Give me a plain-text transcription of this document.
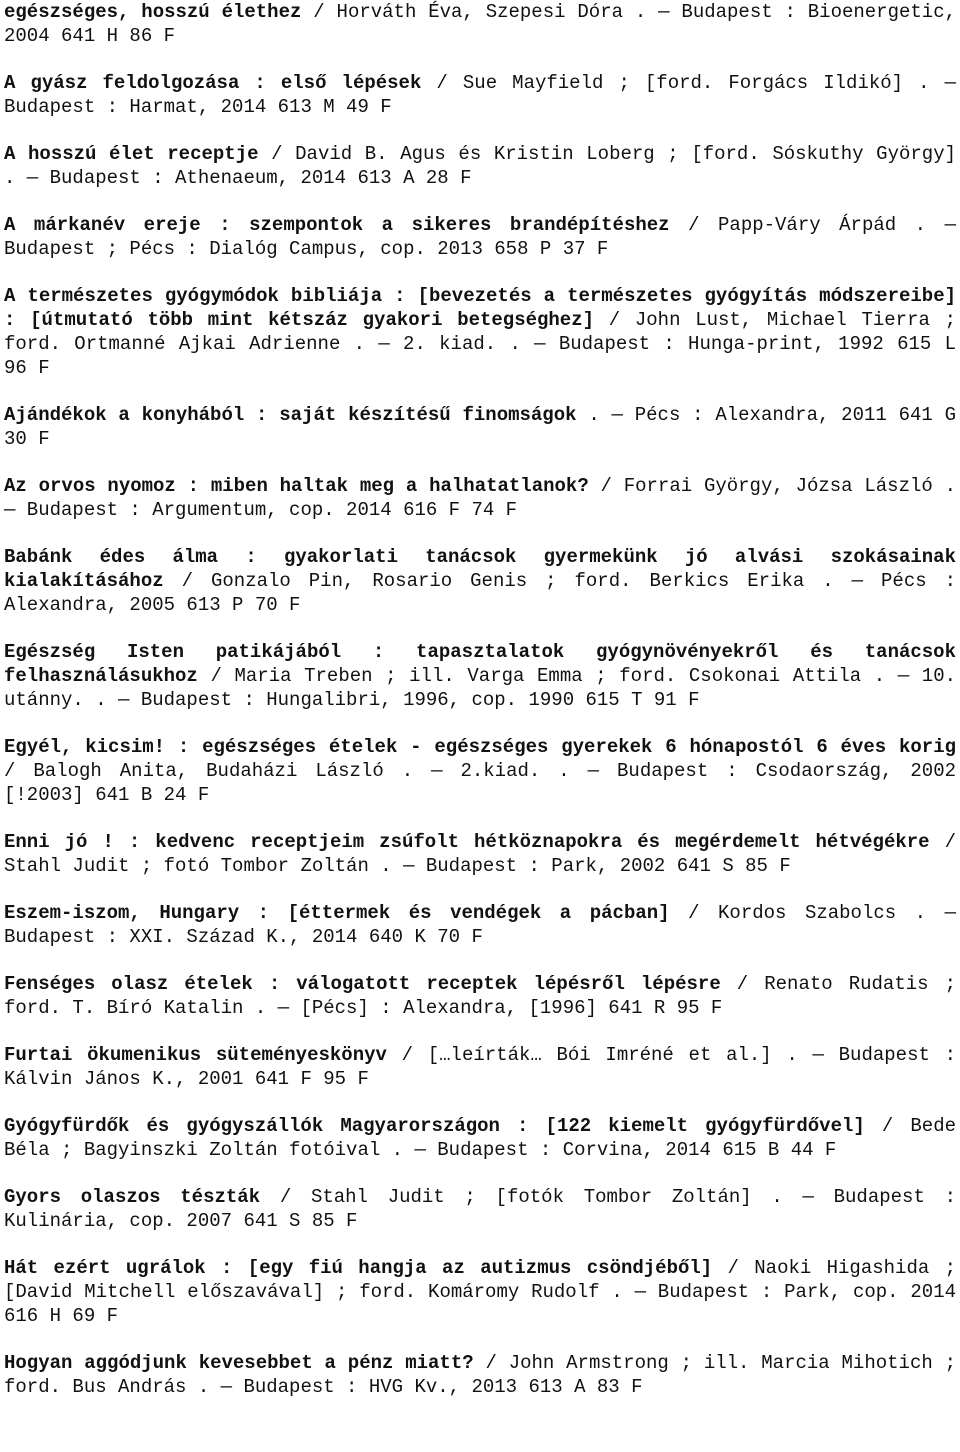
egészséges, hosszú élethez / Horváth Éva, Szepesi Dóra . — Budapest : Bioenergetic, 2004 641 H 86 F

A gyász feldolgozása : első lépések / Sue Mayfield ; [ford. Forgács Ildikó] . — Budapest : Harmat, 2014 613 M 49 F

A hosszú élet receptje / David B. Agus és Kristin Loberg ; [ford. Sóskuthy György] . — Budapest : Athenaeum, 2014 613 A 28 F

A márkanév ereje : szempontok a sikeres brandépítéshez / Papp-Váry Árpád . — Budapest ; Pécs : Dialóg Campus, cop. 2013 658 P 37 F

A természetes gyógymódok bibliája : [bevezetés a természetes gyógyítás módszereibe] : [útmutató több mint kétszáz gyakori betegséghez] / John Lust, Michael Tierra ; ford. Ortmanné Ajkai Adrienne . — 2. kiad. . — Budapest : Hunga-print, 1992 615 L 96 F

Ajándékok a konyhából : saját készítésű finomságok . — Pécs : Alexandra, 2011 641 G 30 F

Az orvos nyomoz : miben haltak meg a halhatatlanok? / Forrai György, Józsa László . — Budapest : Argumentum, cop. 2014 616 F 74 F

Babánk édes álma : gyakorlati tanácsok gyermekünk jó alvási szokásainak kialakításához / Gonzalo Pin, Rosario Genis ; ford. Berkics Erika . — Pécs : Alexandra, 2005 613 P 70 F

Egészség Isten patikájából : tapasztalatok gyógynövényekről és tanácsok felhasználásukhoz / Maria Treben ; ill. Varga Emma ; ford. Csokonai Attila . — 10. utánny. . — Budapest : Hungalibri, 1996, cop. 1990 615 T 91 F

Egyél, kicsim! : egészséges ételek - egészséges gyerekek 6 hónapostól 6 éves korig / Balogh Anita, Budaházi László . — 2.kiad. . — Budapest : Csodaország, 2002 [!2003] 641 B 24 F

Enni jó ! : kedvenc receptjeim zsúfolt hétköznapokra és megérdemelt hétvégékre / Stahl Judit ; fotó Tombor Zoltán . — Budapest : Park, 2002 641 S 85 F

Eszem-iszom, Hungary : [éttermek és vendégek a pácban] / Kordos Szabolcs . — Budapest : XXI. Század K., 2014 640 K 70 F

Fenséges olasz ételek : válogatott receptek lépésről lépésre / Renato Rudatis ; ford. T. Bíró Katalin . — [Pécs] : Alexandra, [1996] 641 R 95 F

Furtai ökumenikus süteményeskönyv / […leírták… Bói Imréné et al.] . — Budapest : Kálvin János K., 2001 641 F 95 F

Gyógyfürdők és gyógyszállók Magyarországon : [122 kiemelt gyógyfürdővel] / Bede Béla ; Bagyinszki Zoltán fotóival . — Budapest : Corvina, 2014 615 B 44 F

Gyors olaszos tészták / Stahl Judit ; [fotók Tombor Zoltán] . — Budapest : Kulinária, cop. 2007 641 S 85 F

Hát ezért ugrálok : [egy fiú hangja az autizmus csöndjéből] / Naoki Higashida ; [David Mitchell előszavával] ; ford. Komáromy Rudolf . — Budapest : Park, cop. 2014 616 H 69 F

Hogyan aggódjunk kevesebbet a pénz miatt? / John Armstrong ; ill. Marcia Mihotich ; ford. Bus András . — Budapest : HVG Kv., 2013 613 A 83 F
